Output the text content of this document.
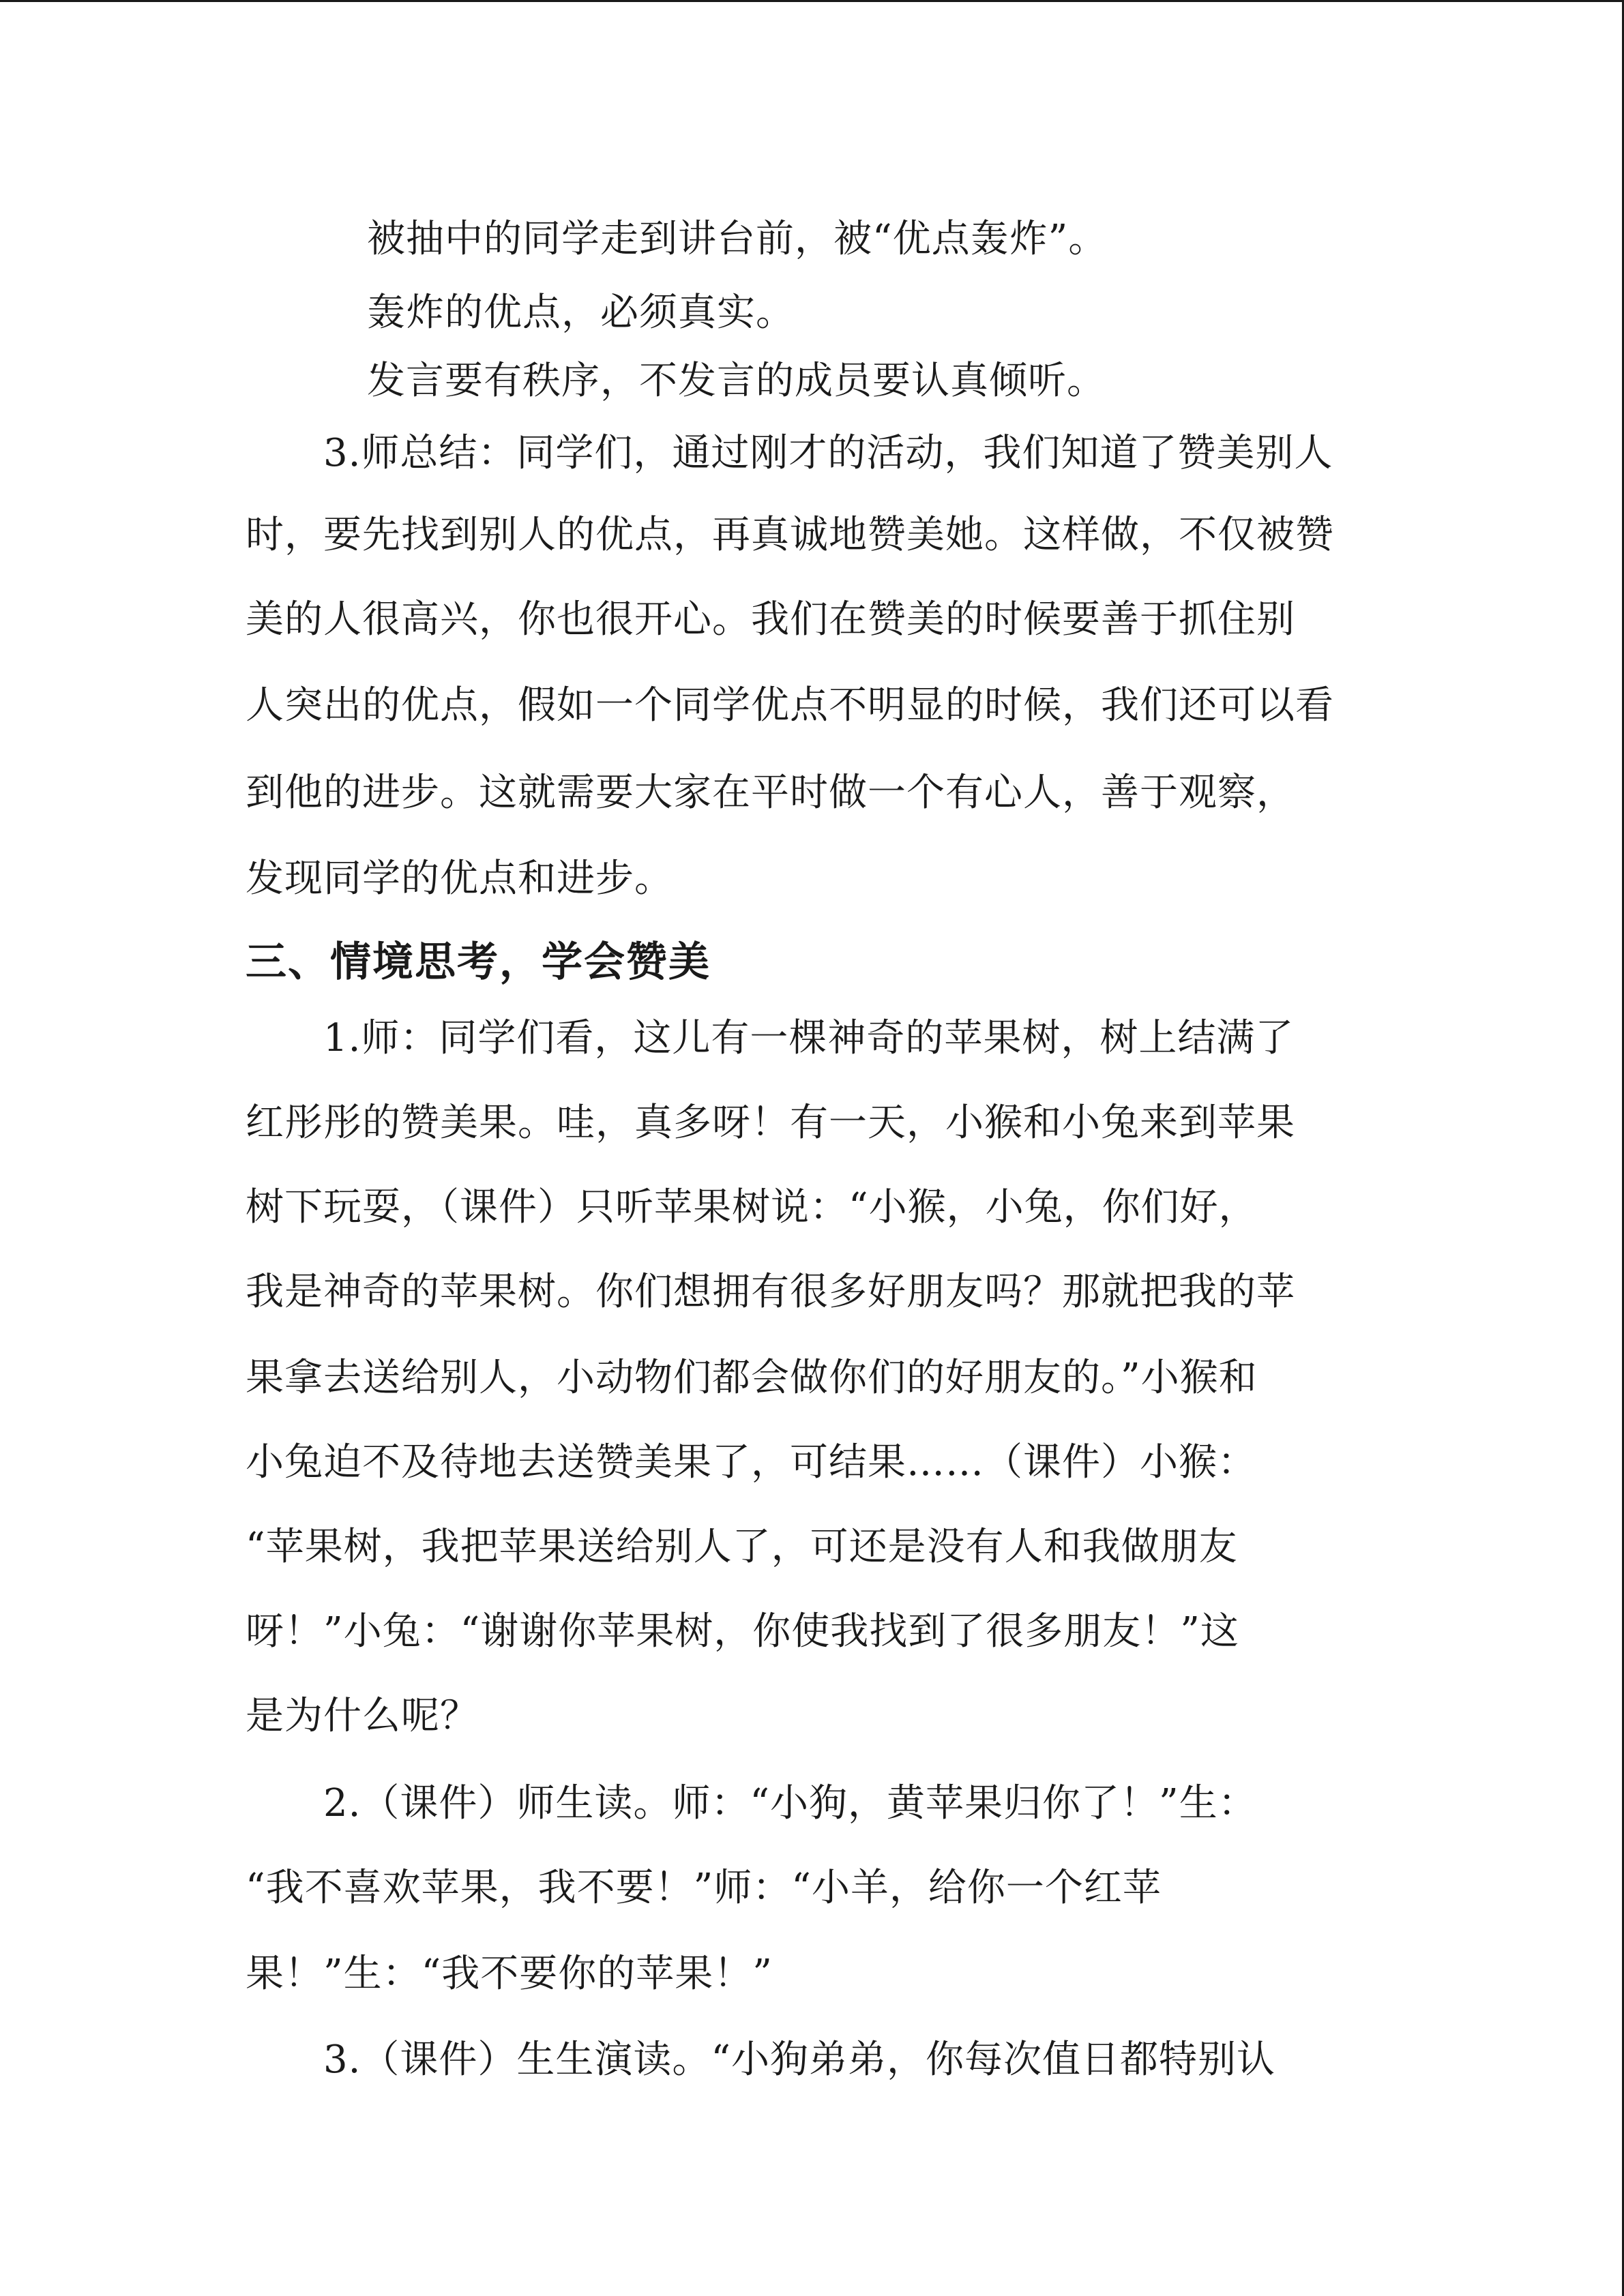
被抽中的同学走到讲台前，被“优点轰炸”。
轰炸的优点，必须真实。
发言要有秩序，不发言的成员要认真倾听。
3.师总结：同学们，通过刚才的活动，我们知道了赞美别人
时，要先找到别人的优点，再真诚地赞美她。这样做，不仅被赞
美的人很高兴，你也很开心。我们在赞美的时候要善于抓住别
人突出的优点，假如一个同学优点不明显的时候，我们还可以看
到他的进步。这就需要大家在平时做一个有心人，善于观察，
发现同学的优点和进步。
三、情境思考，学会赞美
1.师：同学们看，这儿有一棵神奇的苹果树，树上结满了
红彤彤的赞美果。哇，真多呀！有一天，小猴和小兔来到苹果
树下玩耍，（课件）只听苹果树说：“小猴，小兔，你们好，
我是神奇的苹果树。你们想拥有很多好朋友吗？那就把我的苹
果拿去送给别人，小动物们都会做你们的好朋友的。”小猴和
小兔迫不及待地去送赞美果了，可结果……（课件）小猴：
“苹果树，我把苹果送给别人了，可还是没有人和我做朋友
呀！”小兔：“谢谢你苹果树，你使我找到了很多朋友！”这
是为什么呢？
2.（课件）师生读。师：“小狗，黄苹果归你了！”生：
“我不喜欢苹果，我不要！”师：“小羊，给你一个红苹
果！”生：“我不要你的苹果！”
3.（课件）生生演读。“小狗弟弟，你每次值日都特别认
